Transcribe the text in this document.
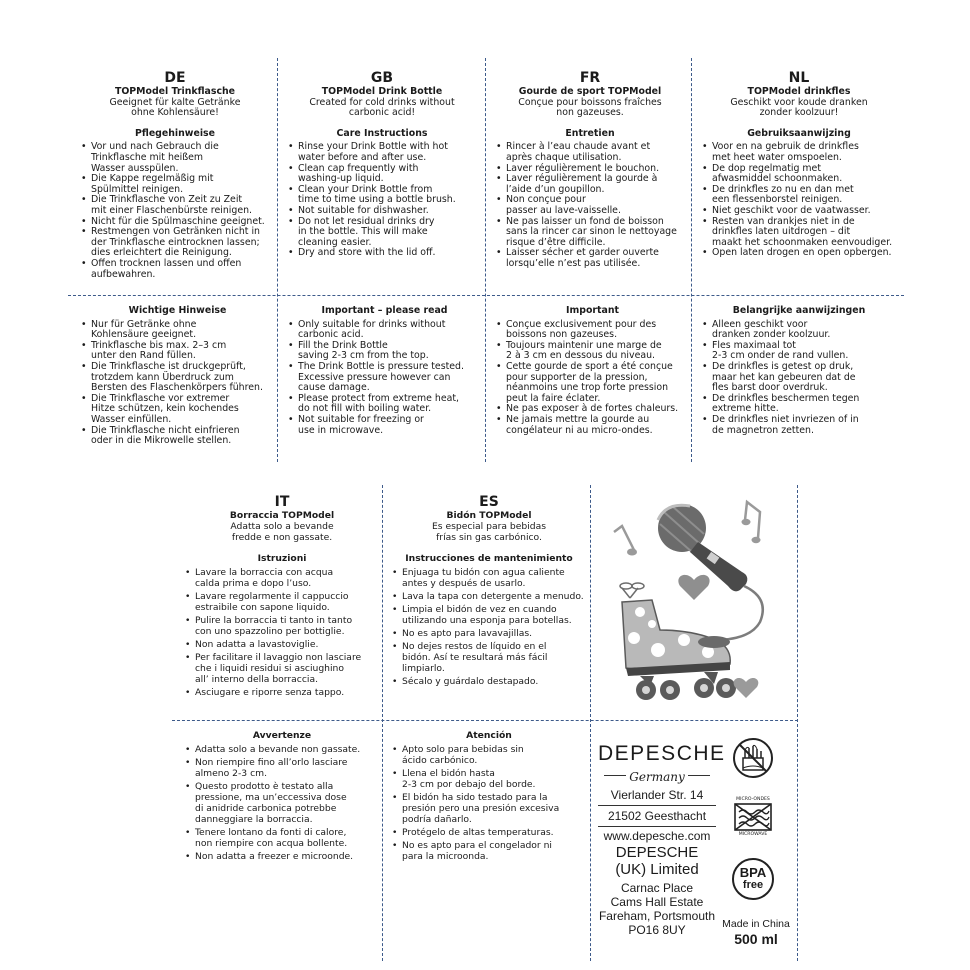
DE
TOPModel Trinkflasche
Geeignet für kalte Getränke
ohne Kohlensäure!
Pflegehinweise
• Vor und nach Gebrauch die
Trinkflasche mit heißem
Wasser ausspülen.
• Die Kappe regelmäßig mit
Spülmittel reinigen.
• Die Trinkflasche von Zeit zu Zeit
mit einer Flaschenbürste reinigen.
• Nicht für die Spülmaschine geeignet.
• Restmengen von Getränken nicht in
der Trinkflasche eintrocknen lassen;
dies erleichtert die Reinigung.
• Offen trocknen lassen und offen
aufbewahren.
Wichtige Hinweise
• Nur für Getränke ohne
Kohlensäure geeignet.
• Trinkflasche bis max. 2–3 cm
unter den Rand füllen.
• Die Trinkflasche ist druckgeprüft,
trotzdem kann Überdruck zum
Bersten des Flaschenkörpers führen.
• Die Trinkflasche vor extremer
Hitze schützen, kein kochendes
Wasser einfüllen.
• Die Trinkflasche nicht einfrieren
oder in die Mikrowelle stellen.
GB
TOPModel Drink Bottle
Created for cold drinks without
carbonic acid!
Care Instructions
• Rinse your Drink Bottle with hot
water before and after use.
• Clean cap frequently with
washing-up liquid.
• Clean your Drink Bottle from
time to time using a bottle brush.
• Not suitable for dishwasher.
• Do not let residual drinks dry
in the bottle. This will make
cleaning easier.
• Dry and store with the lid off.
Important – please read
• Only suitable for drinks without
carbonic acid.
• Fill the Drink Bottle
saving 2-3 cm from the top.
• The Drink Bottle is pressure tested.
Excessive pressure however can
cause damage.
• Please protect from extreme heat,
do not fill with boiling water.
• Not suitable for freezing or
use in microwave.
FR
Gourde de sport TOPModel
Conçue pour boissons fraîches
non gazeuses.
Entretien
• Rincer à l’eau chaude avant et
après chaque utilisation.
• Laver régulièrement le bouchon.
• Laver régulièrement la gourde à
l’aide d’un goupillon.
• Non conçue pour
passer au lave-vaisselle.
• Ne pas laisser un fond de boisson
sans la rincer car sinon le nettoyage
risque d’être difficile.
• Laisser sécher et garder ouverte
lorsqu’elle n’est pas utilisée.
Important
• Conçue exclusivement pour des
boissons non gazeuses.
• Toujours maintenir une marge de
2 à 3 cm en dessous du niveau.
• Cette gourde de sport a été conçue
pour supporter de la pression,
néanmoins une trop forte pression
peut la faire éclater.
• Ne pas exposer à de fortes chaleurs.
• Ne jamais mettre la gourde au
congélateur ni au micro-ondes.
NL
TOPModel drinkfles
Geschikt voor koude dranken
zonder koolzuur!
Gebruiksaanwijzing
• Voor en na gebruik de drinkfles
met heet water omspoelen.
• De dop regelmatig met
afwasmiddel schoonmaken.
• De drinkfles zo nu en dan met
een flessenborstel reinigen.
• Niet geschikt voor de vaatwasser.
• Resten van drankjes niet in de
drinkfles laten uitdrogen – dit
maakt het schoonmaken eenvoudiger.
• Open laten drogen en open opbergen.
Belangrijke aanwijzingen
• Alleen geschikt voor
dranken zonder koolzuur.
• Fles maximaal tot
2-3 cm onder de rand vullen.
• De drinkfles is getest op druk,
maar het kan gebeuren dat de
fles barst door overdruk.
• De drinkfles beschermen tegen
extreme hitte.
• De drinkfles niet invriezen of in
de magnetron zetten.
IT
Borraccia TOPModel
Adatta solo a bevande
fredde e non gassate.
Istruzioni
• Lavare la borraccia con acqua
calda prima e dopo l’uso.
• Lavare regolarmente il cappuccio
estraibile con sapone liquido.
• Pulire la borraccia ti tanto in tanto
con uno spazzolino per bottiglie.
• Non adatta a lavastoviglie.
• Per facilitare il lavaggio non lasciare
che i liquidi residui si asciughino
all’ interno della borraccia.
• Asciugare e riporre senza tappo.
Avvertenze
• Adatta solo a bevande non gassate.
• Non riempire fino all’orlo lasciare
almeno 2-3 cm.
• Questo prodotto è testato alla
pressione, ma un’eccessiva dose
di anidride carbonica potrebbe
danneggiare la borraccia.
• Tenere lontano da fonti di calore,
non riempire con acqua bollente.
• Non adatta a freezer e microonde.
ES
Bidón TOPModel
Es especial para bebidas
frías sin gas carbónico.
Instrucciones de mantenimiento
• Enjuaga tu bidón con agua caliente
antes y después de usarlo.
• Lava la tapa con detergente a menudo.
• Limpia el bidón de vez en cuando
utilizando una esponja para botellas.
• No es apto para lavavajillas.
• No dejes restos de líquido en el
bidón. Así te resultará más fácil
limpiarlo.
• Sécalo y guárdalo destapado.
Atención
• Apto solo para bebidas sin
ácido carbónico.
• Llena el bidón hasta
2-3 cm por debajo del borde.
• El bidón ha sido testado para la
presión pero una presión excesiva
podría dañarlo.
• Protégelo de altas temperaturas.
• No es apto para el congelador ni
para la microonda.
DEPESCHE
Germany
Vierlander Str. 14
21502 Geesthacht
www.depesche.com
DEPESCHE
(UK) Limited
Carnac Place
Cams Hall Estate
Fareham, Portsmouth
PO16 8UY
MICRO-ONDES
MICROWAVE
BPA
free
Made in China
500 ml
